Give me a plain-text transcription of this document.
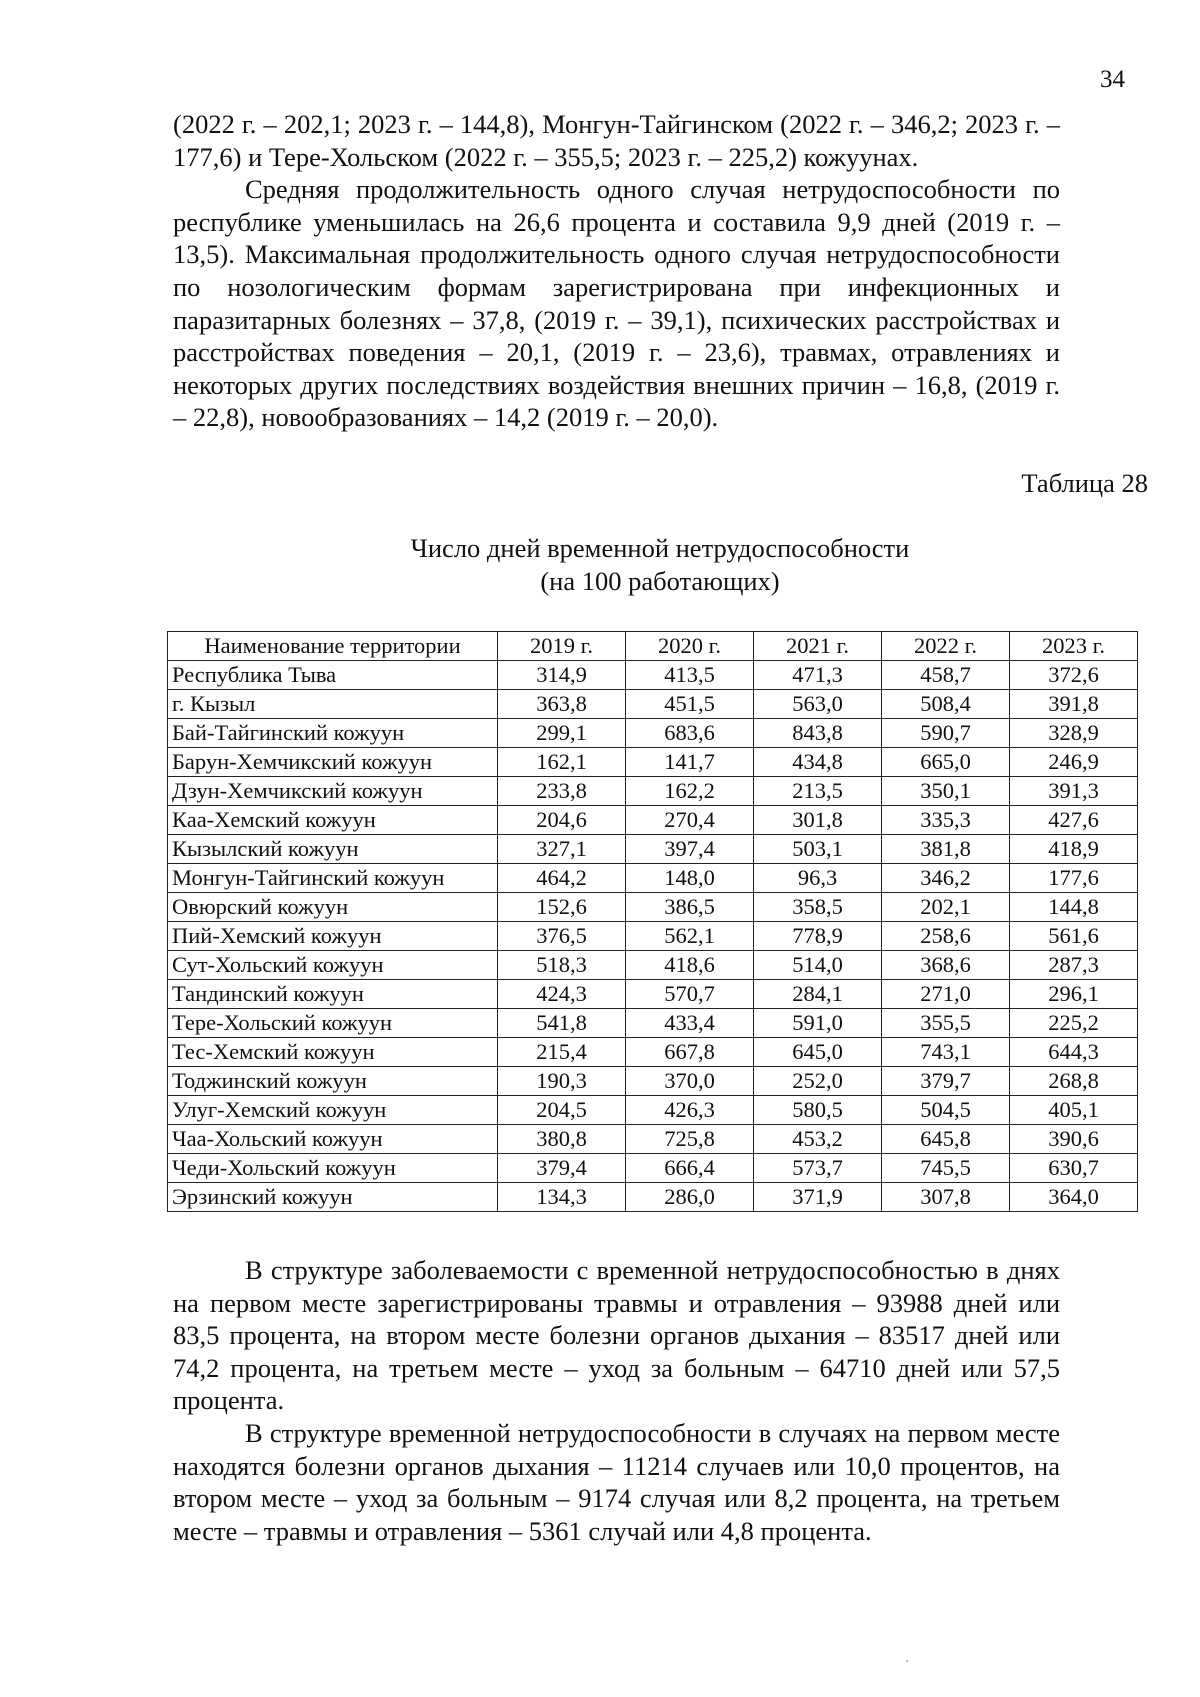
34

(2022 г. – 202,1; 2023 г. – 144,8), Монгун-Тайгинском (2022 г. – 346,2; 2023 г. – 177,6) и Тере-Хольском (2022 г. – 355,5; 2023 г. – 225,2) кожуунах.

Средняя продолжительность одного случая нетрудоспособности по республике уменьшилась на 26,6 процента и составила 9,9 дней (2019 г. – 13,5). Максимальная продолжительность одного случая нетрудоспособности по нозологическим формам зарегистрирована при инфекционных и паразитарных болезнях – 37,8, (2019 г. – 39,1), психических расстройствах и расстройствах поведения – 20,1, (2019 г. – 23,6), травмах, отравлениях и некоторых других последствиях воздействия внешних причин – 16,8, (2019 г. – 22,8), новообразованиях – 14,2 (2019 г. – 20,0).

Таблица 28
Число дней временной нетрудоспособности
(на 100 работающих)
Наименование территории	2019 г.	2020 г.	2021 г.	2022 г.	2023 г.
Республика Тыва	314,9	413,5	471,3	458,7	372,6
г. Кызыл	363,8	451,5	563,0	508,4	391,8
Бай-Тайгинский кожуун	299,1	683,6	843,8	590,7	328,9
Барун-Хемчикский кожуун	162,1	141,7	434,8	665,0	246,9
Дзун-Хемчикский кожуун	233,8	162,2	213,5	350,1	391,3
Каа-Хемский кожуун	204,6	270,4	301,8	335,3	427,6
Кызылский кожуун	327,1	397,4	503,1	381,8	418,9
Монгун-Тайгинский кожуун	464,2	148,0	96,3	346,2	177,6
Овюрский кожуун	152,6	386,5	358,5	202,1	144,8
Пий-Хемский кожуун	376,5	562,1	778,9	258,6	561,6
Сут-Хольский кожуун	518,3	418,6	514,0	368,6	287,3
Тандинский кожуун	424,3	570,7	284,1	271,0	296,1
Тере-Хольский кожуун	541,8	433,4	591,0	355,5	225,2
Тес-Хемский кожуун	215,4	667,8	645,0	743,1	644,3
Тоджинский кожуун	190,3	370,0	252,0	379,7	268,8
Улуг-Хемский кожуун	204,5	426,3	580,5	504,5	405,1
Чаа-Хольский кожуун	380,8	725,8	453,2	645,8	390,6
Чеди-Хольский кожуун	379,4	666,4	573,7	745,5	630,7
Эрзинский кожуун	134,3	286,0	371,9	307,8	364,0

В структуре заболеваемости с временной нетрудоспособностью в днях на первом месте зарегистрированы травмы и отравления – 93988 дней или 83,5 процента, на втором месте болезни органов дыхания – 83517 дней или 74,2 процента, на третьем месте – уход за больным – 64710 дней или 57,5 процента.

В структуре временной нетрудоспособности в случаях на первом месте находятся болезни органов дыхания – 11214 случаев или 10,0 процентов, на втором месте – уход за больным – 9174 случая или 8,2 процента, на третьем месте – травмы и отравления – 5361 случай или 4,8 процента.
